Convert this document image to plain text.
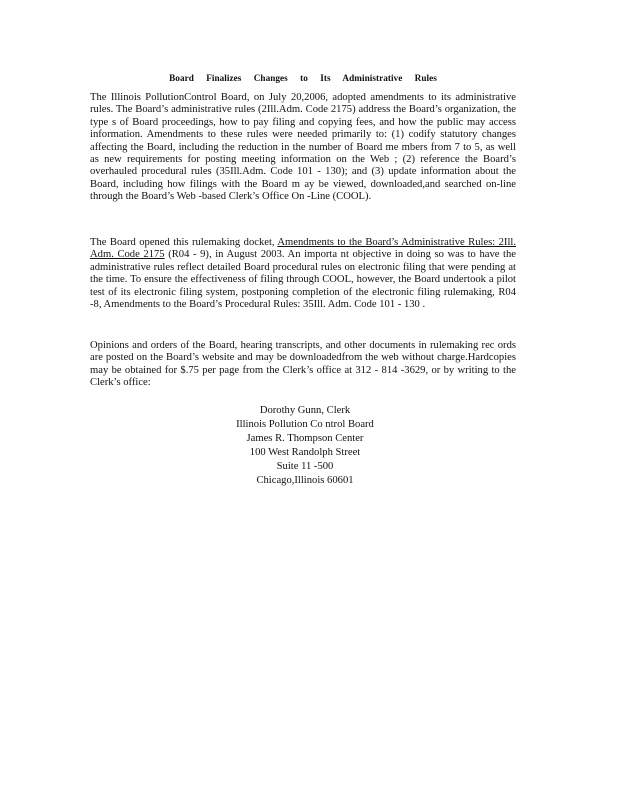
Board Finalizes Changes to Its Administrative Rules

The Illinois PollutionControl Board, on July 20,2006, adopted amendments to its administrative rules. The Board’s administrative rules (2Ill.Adm. Code 2175) address the Board’s organization, the type s of Board proceedings, how to pay filing and copying fees, and how the public may access information. Amendments to these rules were needed primarily to: (1) codify statutory changes affecting the Board, including the reduction in the number of Board me mbers from 7 to 5, as well as new requirements for posting meeting information on the Web ; (2) reference the Board’s overhauled procedural rules (35Ill.Adm. Code 101 - 130); and (3) update information about the Board, including how filings with the Board m ay be viewed, downloaded,and searched on-line through the Board’s Web -based Clerk’s Office On -Line (COOL).

The Board opened this rulemaking docket, Amendments to the Board’s Administrative Rules: 2Ill. Adm. Code 2175 (R04 - 9), in August 2003. An importa nt objective in doing so was to have the administrative rules reflect detailed Board procedural rules on electronic filing that were pending at the time. To ensure the effectiveness of filing through COOL, however, the Board undertook a pilot test of its electronic filing system, postponing completion of the electronic filing rulemaking, R04 -8, Amendments to the Board’s Procedural Rules: 35Ill. Adm. Code 101 - 130 .

Opinions and orders of the Board, hearing transcripts, and other documents in rulemaking rec ords are posted on the Board’s website and may be downloadedfrom the web without charge.Hardcopies may be obtained for $.75 per page from the Clerk’s office at 312 - 814 -3629, or by writing to the Clerk’s office:

Dorothy Gunn, Clerk
Illinois Pollution Co ntrol Board
James R. Thompson Center
100 West Randolph Street
Suite 11 -500
Chicago,Illinois 60601
